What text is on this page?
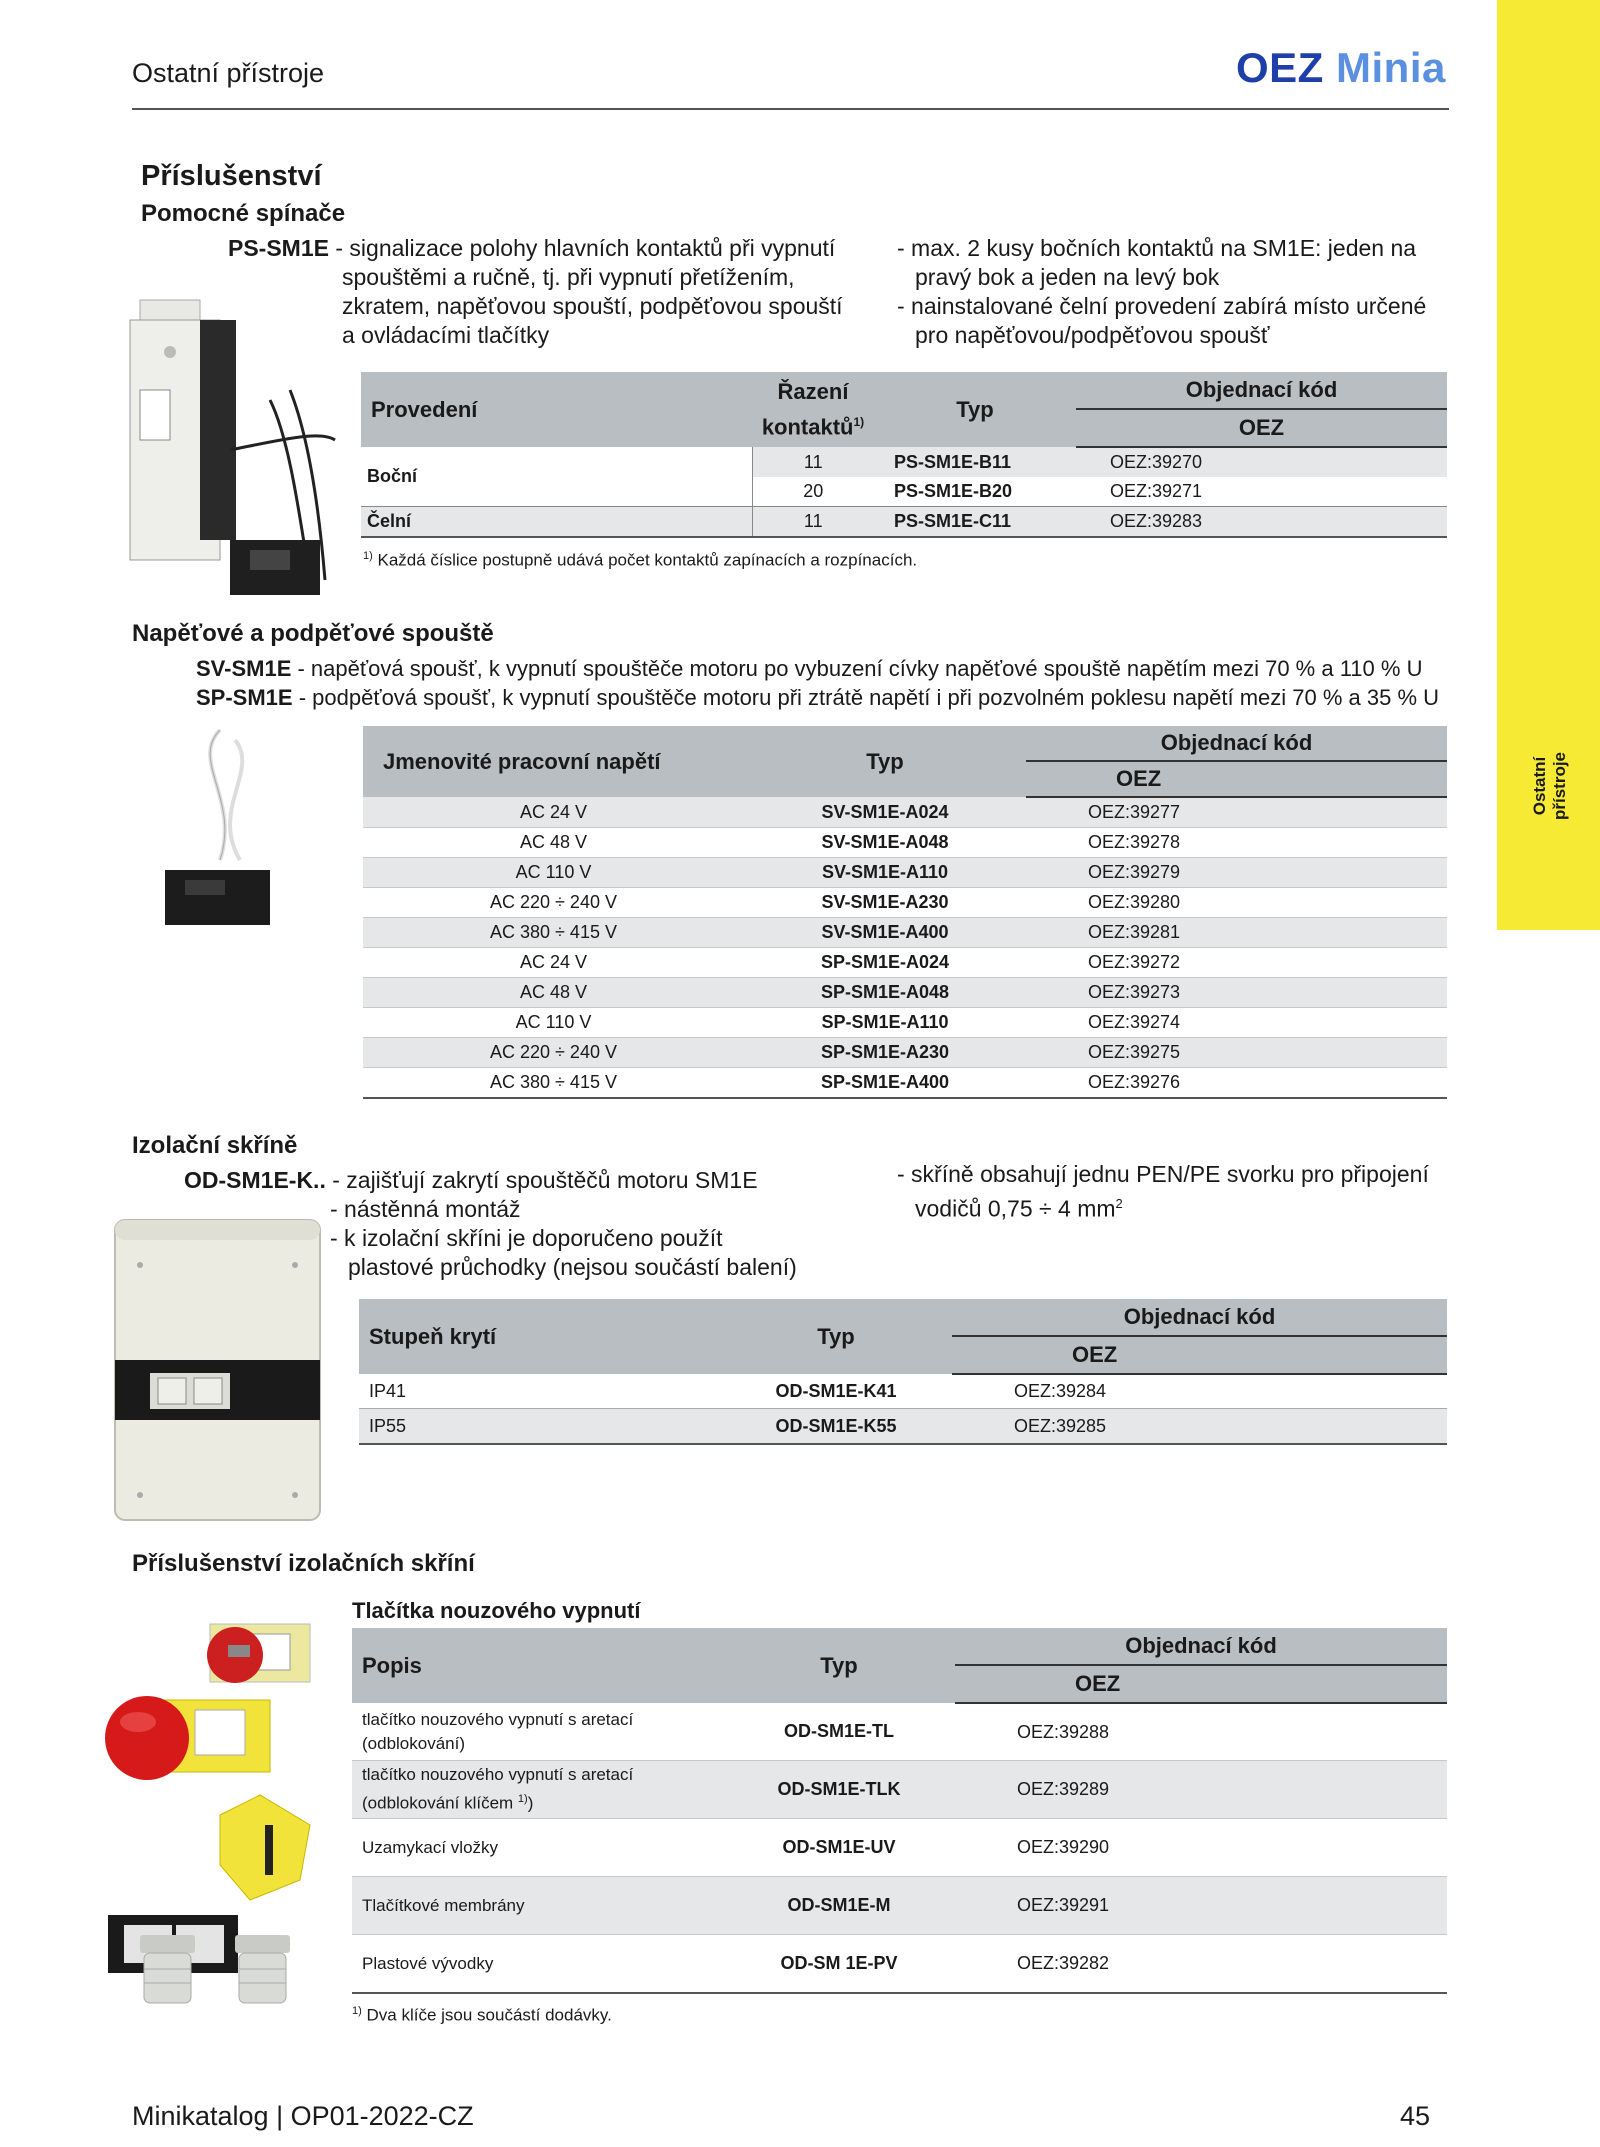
Ostatní přístroje	OEZ Minia
Ostatní přístroje
Příslušenství
Pomocné spínače
PS-SM1E - signalizace polohy hlavních kontaktů při vypnutí
spouštěmi a ručně, tj. při vypnutí přetížením,
zkratem, napěťovou spouští, podpěťovou spouští
a ovládacími tlačítky
- max. 2 kusy bočních kontaktů na SM1E: jeden na
pravý bok a jeden na levý bok
- nainstalované čelní provedení zabírá místo určené
pro napěťovou/podpěťovou spoušť
Provedení	Řazení kontaktů$^{1)}$	Typ	Objednací kód
			OEZ
Boční	11	PS-SM1E-B11	OEZ:39270
	20	PS-SM1E-B20	OEZ:39271
Čelní	11	PS-SM1E-C11	OEZ:39283
$^{1)}$ Každá číslice postupně udává počet kontaktů zapínacích a rozpínacích.
Napěťové a podpěťové spouště
SV-SM1E - napěťová spoušť, k vypnutí spouštěče motoru po vybuzení cívky napěťové spouště napětím mezi 70 % a 110 % U
SP-SM1E - podpěťová spoušť, k vypnutí spouštěče motoru při ztrátě napětí i při pozvolném poklesu napětí mezi 70 % a 35 % U
Jmenovité pracovní napětí	Typ	Objednací kód
		OEZ
AC 24 V	SV-SM1E-A024	OEZ:39277
AC 48 V	SV-SM1E-A048	OEZ:39278
AC 110 V	SV-SM1E-A110	OEZ:39279
AC 220 ÷ 240 V	SV-SM1E-A230	OEZ:39280
AC 380 ÷ 415 V	SV-SM1E-A400	OEZ:39281
AC 24 V	SP-SM1E-A024	OEZ:39272
AC 48 V	SP-SM1E-A048	OEZ:39273
AC 110 V	SP-SM1E-A110	OEZ:39274
AC 220 ÷ 240 V	SP-SM1E-A230	OEZ:39275
AC 380 ÷ 415 V	SP-SM1E-A400	OEZ:39276
Izolační skříně
OD-SM1E-K.. - zajišťují zakrytí spouštěčů motoru SM1E
- nástěnná montáž
- k izolační skříni je doporučeno použít
plastové průchodky (nejsou součástí balení)
- skříně obsahují jednu PEN/PE svorku pro připojení
vodičů 0,75 ÷ 4 $mm^2$
Stupeň krytí	Typ	Objednací kód
		OEZ
IP41	OD-SM1E-K41	OEZ:39284
IP55	OD-SM1E-K55	OEZ:39285
Příslušenství izolačních skříní
Tlačítka nouzového vypnutí
Popis	Typ	Objednací kód
		OEZ

tlačítko nouzového vypnutí s aretací
(odblokování)	OD-SM1E-TL	OEZ:39288

tlačítko nouzového vypnutí s aretací
(odblokování klíčem $^{1)}$)	OD-SM1E-TLK	OEZ:39289

Uzamykací vložky	OD-SM1E-UV	OEZ:39290

Tlačítkové membrány	OD-SM1E-M	OEZ:39291

Plastové vývodky	OD-SM 1E-PV	OEZ:39282
$^{1)}$ Dva klíče jsou součástí dodávky.
Minikatalog | OP01-2022-CZ	45
